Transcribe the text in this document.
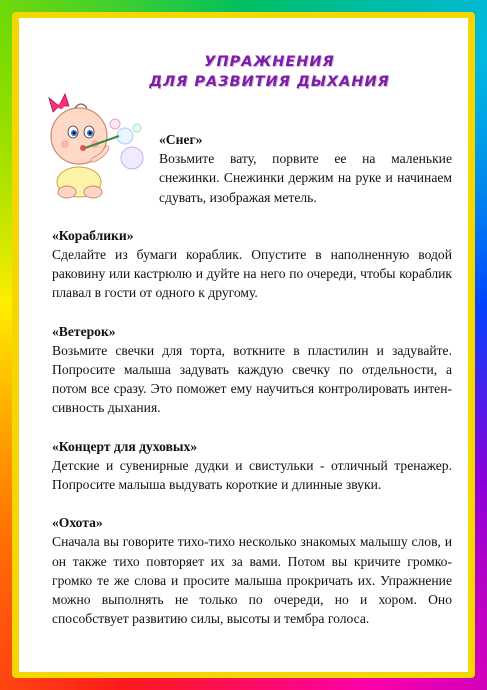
УПРАЖНЕНИЯ
ДЛЯ РАЗВИТИЯ ДЫХАНИЯ
«Снег»

Возьмите вату, порвите ее на маленькие снежинки. Снежинки держим на руке и начинаем сдувать, изображая метель.

«Кораблики»

Сделайте из бумаги кораблик. Опустите в наполненную водой раковину или кастрюлю и дуйте на него по очереди, чтобы кораблик плавал в гости от одного к другому.

«Ветерок»

Возьмите свечки для торта, воткните в пластилин и задувайте. Попросите малыша задувать каждую свечку по отдельности, а потом все сразу. Это поможет ему научиться контролировать интен-сивность дыхания.

«Концерт для духовых»

Детские и сувенирные дудки и свистульки - отличный тренажер. Попросите малыша выдувать короткие и длинные звуки.

«Охота»

Сначала вы говорите тихо-тихо несколько знакомых малышу слов, и он также тихо повторяет их за вами. Потом вы кричите громко-громко те же слова и просите малыша прокричать их. Упражнение можно выполнять не только по очереди, но и хором. Оно способствует развитию силы, высоты и тембра голоса.
